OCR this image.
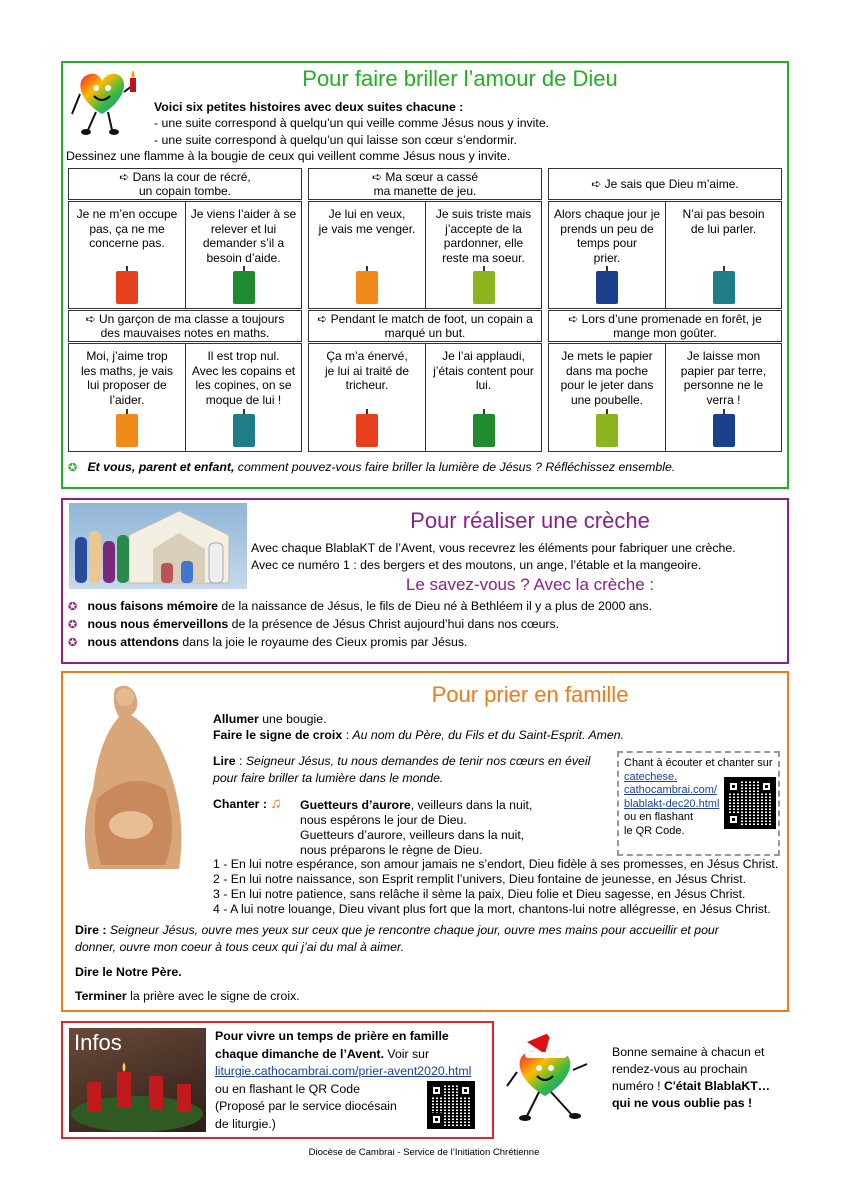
Pour faire briller l’amour de Dieu
Voici six petites histoires avec deux suites chacune :
- une suite correspond à quelqu’un qui veille comme Jésus nous y invite.
- une suite correspond à quelqu’un qui laisse son cœur s’endormir.
Dessinez une flamme à la bougie de ceux qui veillent comme Jésus nous y invite.
➪ Dans la cour de récré,
un copain tombe.
Je ne m’en occupe
pas, ça ne me
concerne pas.
Je viens l’aider à se
relever et lui
demander s’il a
besoin d’aide.
➪ Ma sœur a cassé
ma manette de jeu.
Je lui en veux,
je vais me venger.
Je suis triste mais
j’accepte de la
pardonner, elle
reste ma soeur.
➪ Je sais que Dieu m’aime.
Alors chaque jour je
prends un peu de
temps pour
prier.
N’ai pas besoin
de lui parler.
➪ Un garçon de ma classe a toujours
des mauvaises notes en maths.
Moi, j’aime trop
les maths, je vais
lui proposer de
l’aider.
Il est trop nul.
Avec les copains et
les copines, on se
moque de lui !
➪ Pendant le match de foot, un copain a
marqué un but.
Ça m’a énervé,
je lui ai traité de
tricheur.
Je l’ai applaudi,
j’étais content pour
lui.
➪ Lors d’une promenade en forêt, je
mange mon goûter.
Je mets le papier
dans ma poche
pour le jeter dans
une poubelle.
Je laisse mon
papier par terre,
personne ne le
verra !
✪ Et vous, parent et enfant, comment pouvez-vous faire briller la lumière de Jésus ? Réfléchissez ensemble.
Pour réaliser une crèche
Avec chaque BlablaKT de l’Avent, vous recevrez les éléments pour fabriquer une crèche.
Avec ce numéro 1 : des bergers et des moutons, un ange, l’étable et la mangeoire.
Le savez-vous ? Avec la crèche :
✪ nous faisons mémoire de la naissance de Jésus, le fils de Dieu né à Bethléem il y a plus de 2000 ans.
✪ nous nous émerveillons de la présence de Jésus Christ aujourd’hui dans nos cœurs.
✪ nous attendons dans la joie le royaume des Cieux promis par Jésus.
Pour prier en famille
Allumer une bougie.
Faire le signe de croix : Au nom du Père, du Fils et du Saint-Esprit. Amen.
Lire : Seigneur Jésus, tu nous demandes de tenir nos cœurs en éveil
pour faire briller ta lumière dans le monde.
Chanter : ♫ Guetteurs d’aurore, veilleurs dans la nuit,
nous espérons le jour de Dieu.
Guetteurs d’aurore, veilleurs dans la nuit,
nous préparons le règne de Dieu.
1 - En lui notre espérance, son amour jamais ne s’endort, Dieu fidèle à ses promesses, en Jésus Christ.
2 - En lui notre naissance, son Esprit remplit l’univers, Dieu fontaine de jeunesse, en Jésus Christ.
3 - En lui notre patience, sans relâche il sème la paix, Dieu folie et Dieu sagesse, en Jésus Christ.
4 - A lui notre louange, Dieu vivant plus fort que la mort, chantons-lui notre allégresse, en Jésus Christ.
Dire : Seigneur Jésus, ouvre mes yeux sur ceux que je rencontre chaque jour, ouvre mes mains pour accueillir et pour
donner, ouvre mon coeur à tous ceux qui j’ai du mal à aimer.
Dire le Notre Père.
Terminer la prière avec le signe de croix.
Chant à écouter et chanter sur
catechese.
cathocambrai.com/
blablakt-dec20.html
ou en flashant
le QR Code.
Infos	Pour vivre un temps de prière en famille
chaque dimanche de l’Avent. Voir sur
liturgie.cathocambrai.com/prier-avent2020.html
ou en flashant le QR Code
(Proposé par le service diocésain
de liturgie.)
Bonne semaine à chacun et
rendez-vous au prochain
numéro ! C'était BlablaKT…
qui ne vous oublie pas !
Diocèse de Cambrai - Service de l’Initiation Chrétienne
